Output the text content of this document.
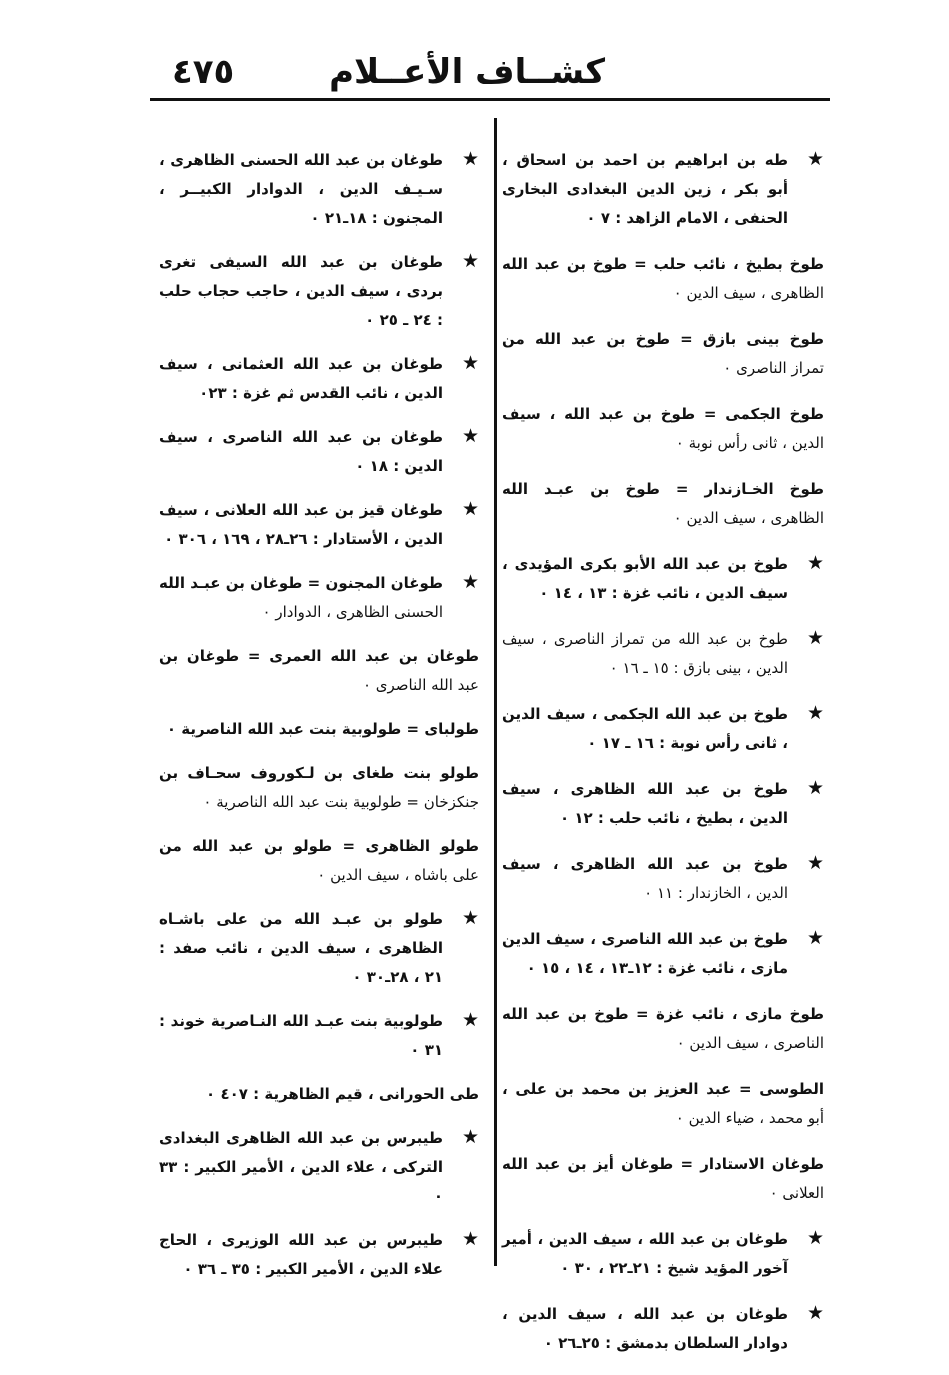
٤٧٥	كشــاف الأعــلام
★
طه بن ابراهيم بن احمد بن اسحاق ، أبو بكر ، زين الدين البغدادى البخارى الحنفى ، الامام الزاهد : ٧ ٠
طوخ بطيخ ، نائب حلب = طوخ بن عبد الله الظاهرى ، سيف الدين ٠
طوخ بينى بازق = طوخ بن عبد الله من تمراز الناصرى ٠
طوخ الجكمى = طوخ بن عبد الله ، سيف الدين ، ثانى رأس نوبة ٠
طوخ الخـازندار = طوخ بن عبـد الله الظاهرى ، سيف الدين ٠
★
طوخ بن عبد الله الأبو بكرى المؤيدى ، سيف الدين ، نائب غزة : ١٣ ، ١٤ ٠
★
طوخ بن عبد الله من تمراز الناصرى ، سيف الدين ، بينى بازق : ١٥ ـ ١٦ ٠
★
طوخ بن عبد الله الجكمى ، سيف الدين ، ثانى رأس نوبة : ١٦ ـ ١٧ ٠
★
طوخ بن عبد الله الظاهرى ، سيف الدين ، بطيخ ، نائب حلب : ١٢ ٠
★
طوخ بن عبد الله الظاهرى ، سيف الدين ، الخازندار : ١١ ٠
★
طوخ بن عبد الله الناصرى ، سيف الدين مازى ، نائب غزة : ١٢ـ١٣ ، ١٤ ، ١٥ ٠
طوخ مازى ، نائب غزة = طوخ بن عبد الله الناصرى ، سيف الدين ٠
الطوسى = عبد العزيز بن محمد بن على ، أبو محمد ، ضياء الدين ٠
طوغان الاستادار = طوغان أيز بن عبد الله العلانى ٠
★
طوغان بن عبد الله ، سيف الدين ، أمير آخور المؤيد شيخ : ٢١ـ٢٢ ، ٣٠ ٠
★
طوغان بن عبد الله ، سيف الدين ، دوادار السلطان بدمشق : ٢٥ـ٢٦ ٠
★
طوغان بن عبد الله الحسنى الظاهرى ، سـيـف الدين ، الدوادار الكبيــر ، المجنون : ١٨ـ٢١ ٠
★
طوغان بن عبد الله السيفى تغرى بردى ، سيف الدين ، حاجب حجاب حلب : ٢٤ ـ ٢٥ ٠
★
طوغان بن عبد الله العثمانى ، سيف الدين ، نائب القدس ثم غزة : ٠٢٣
★
طوغان بن عبد الله الناصرى ، سيف الدين : ١٨ ٠
★
طوغان قيز بن عبد الله العلانى ، سيف الدين ، الأستادار : ٢٦ـ٢٨ ، ١٦٩ ، ٣٠٦ ٠
★
طوغان المجنون = طوغان بن عبـد الله الحسنى الظاهرى ، الدوادار ٠
طوغان بن عبد الله العمرى = طوغان بن عبد الله الناصرى ٠
طولباى = طولوبية بنت عبد الله الناصرية ٠
طولو بنت طغاى بن لـكوروف سحـاف بن جنكزخان = طولوبية بنت عبد الله الناصرية ٠
طولو الظاهرى = طولو بن عبد الله من على باشاه ، سيف الدين ٠
★
طولو بن عبـد الله من على باشـاه الظاهرى ، سيف الدين ، نائب صفد : ٢١ ، ٢٨ـ٣٠ ٠
★
طولوبية بنت عبـد الله النـاصرية خوند : ٣١ ٠
طى الحورانى ، قيم الظاهرية : ٤٠٧ ٠
★
طيبرس بن عبد الله الظاهرى البغدادى التركى ، علاء الدين ، الأمير الكبير : ٣٣ ٠
★
طيبرس بن عبد الله الوزيرى ، الحاج علاء الدين ، الأمير الكبير : ٣٥ ـ ٣٦ ٠
